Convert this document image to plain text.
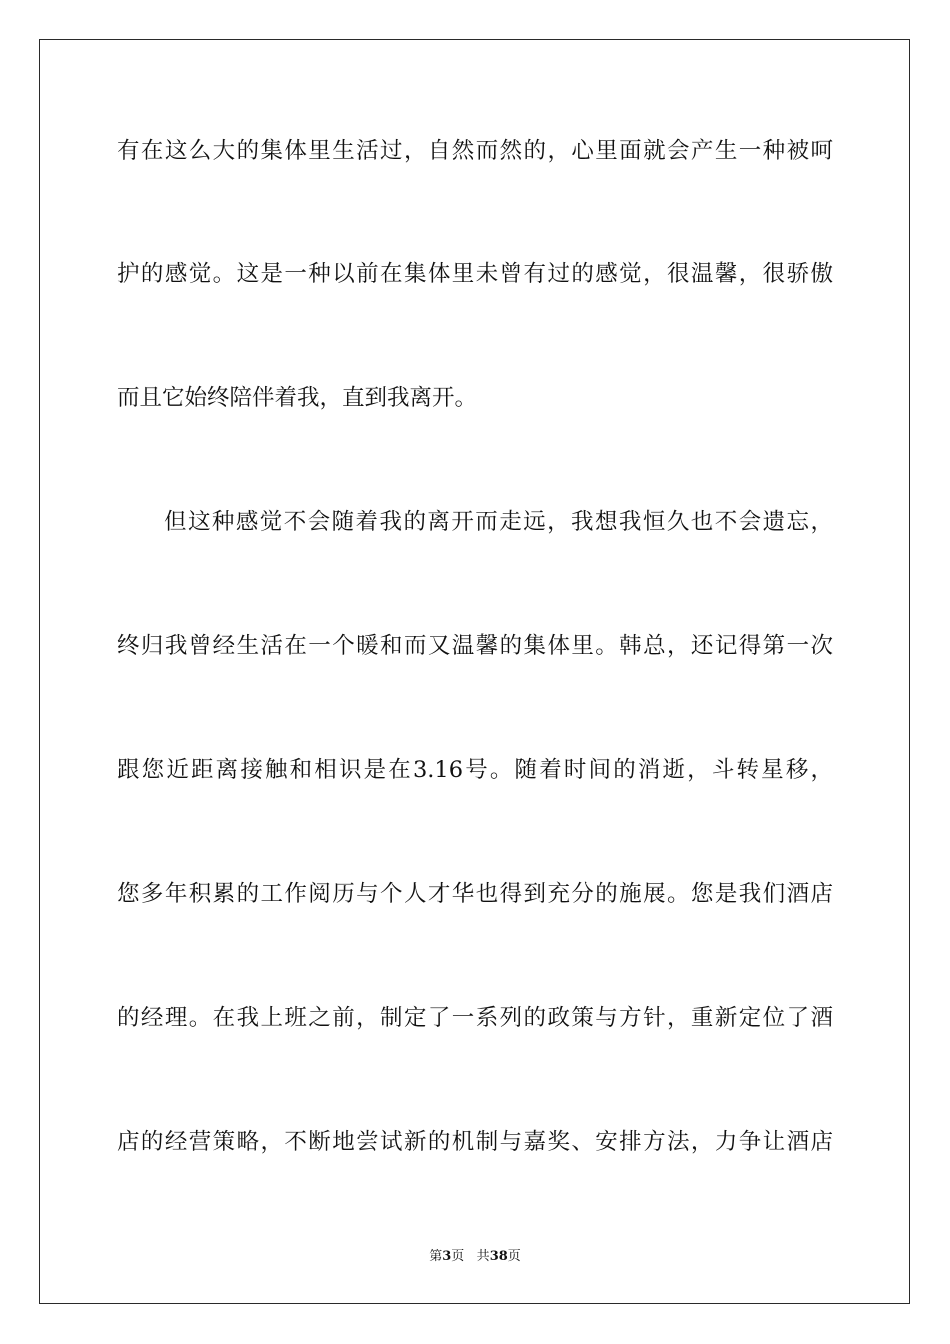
有在这么大的集体里生活过，自然而然的，心里面就会产生一种被呵
护的感觉。这是一种以前在集体里未曾有过的感觉，很温馨，很骄傲
而且它始终陪伴着我，直到我离开。
但这种感觉不会随着我的离开而走远，我想我恒久也不会遗忘，
终归我曾经生活在一个暖和而又温馨的集体里。韩总，还记得第一次
跟您近距离接触和相识是在3.16号。随着时间的消逝，斗转星移，
您多年积累的工作阅历与个人才华也得到充分的施展。您是我们酒店
的经理。在我上班之前，制定了一系列的政策与方针，重新定位了酒
店的经营策略，不断地尝试新的机制与嘉奖、安排方法，力争让酒店
第3页 共38页
